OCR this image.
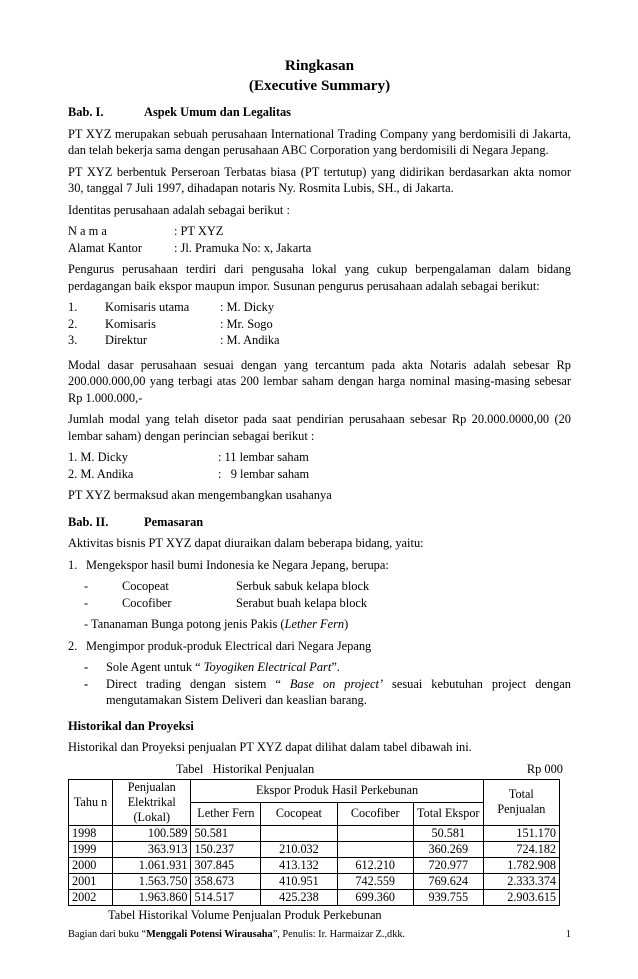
Ringkasan
(Executive Summary)
Bab. I.	Aspek Umum dan Legalitas

PT XYZ merupakan sebuah perusahaan International Trading Company yang berdomisili di Jakarta, dan telah bekerja sama dengan perusahaan ABC Corporation yang berdomisili di Negara Jepang.

PT XYZ berbentuk Perseroan Terbatas biasa (PT tertutup) yang didirikan berdasarkan akta nomor 30, tanggal 7 Juli 1997, dihadapan notaris Ny. Rosmita Lubis, SH., di Jakarta.

Identitas perusahaan adalah sebagai berikut :

N a m a	: PT XYZ
Alamat Kantor	: Jl. Pramuka No: x, Jakarta

Pengurus perusahaan terdiri dari pengusaha lokal yang cukup berpengalaman dalam bidang perdagangan baik ekspor maupun impor. Susunan pengurus perusahaan adalah sebagai berikut:

1.	Komisaris utama	: M. Dicky
2.	Komisaris	: Mr. Sogo
3.	Direktur	: M. Andika

Modal dasar perusahaan sesuai dengan yang tercantum pada akta Notaris adalah sebesar Rp 200.000.000,00 yang terbagi atas 200 lembar saham dengan harga nominal masing-masing sebesar Rp 1.000.000,-

Jumlah modal yang telah disetor pada saat pendirian perusahaan sebesar Rp 20.000.0000,00 (20 lembar saham) dengan perincian sebagai berikut :

1. M. Dicky	: 11 lembar saham
2. M. Andika	:   9 lembar saham

PT XYZ bermaksud akan mengembangkan usahanya

Bab. II.	Pemasaran

Aktivitas bisnis PT XYZ dapat diuraikan dalam beberapa bidang, yaitu:

1. Mengekspor hasil bumi Indonesia ke Negara Jepang, berupa:
-	Cocopeat	Serbuk sabuk kelapa block
-	Cocofiber	Serabut buah kelapa block
- Tananaman Bunga potong jenis Pakis (Lether Fern)
2. Mengimpor produk-produk Electrical dari Negara Jepang
-	Sole Agent untuk “ Toyogiken Electrical Part”.
-	Direct trading dengan sistem “ Base on project’ sesuai kebutuhan project dengan mengutamakan Sistem Deliveri dan keaslian barang.
Historikal dan Proyeksi

Historikal dan Proyeksi penjualan PT XYZ dapat dilihat dalam tabel dibawah ini.

Tabel   Historikal Penjualan	Rp 000
Tahu n	Penjualan Elektrikal (Lokal)	Ekspor Produk Hasil Perkebunan				Total Penjualan
		Lether Fern	Cocopeat	Cocofiber	Total Ekspor	
1998	100.589	50.581			50.581	151.170
1999	363.913	150.237	210.032		360.269	724.182
2000	1.061.931	307.845	413.132	612.210	720.977	1.782.908
2001	1.563.750	358.673	410.951	742.559	769.624	2.333.374
2002	1.963.860	514.517	425.238	699.360	939.755	2.903.615
Tabel Historikal Volume Penjualan Produk Perkebunan
Bagian dari buku “Menggali Potensi Wirausaha”, Penulis: Ir. Harmaizar Z.,dkk.	1
